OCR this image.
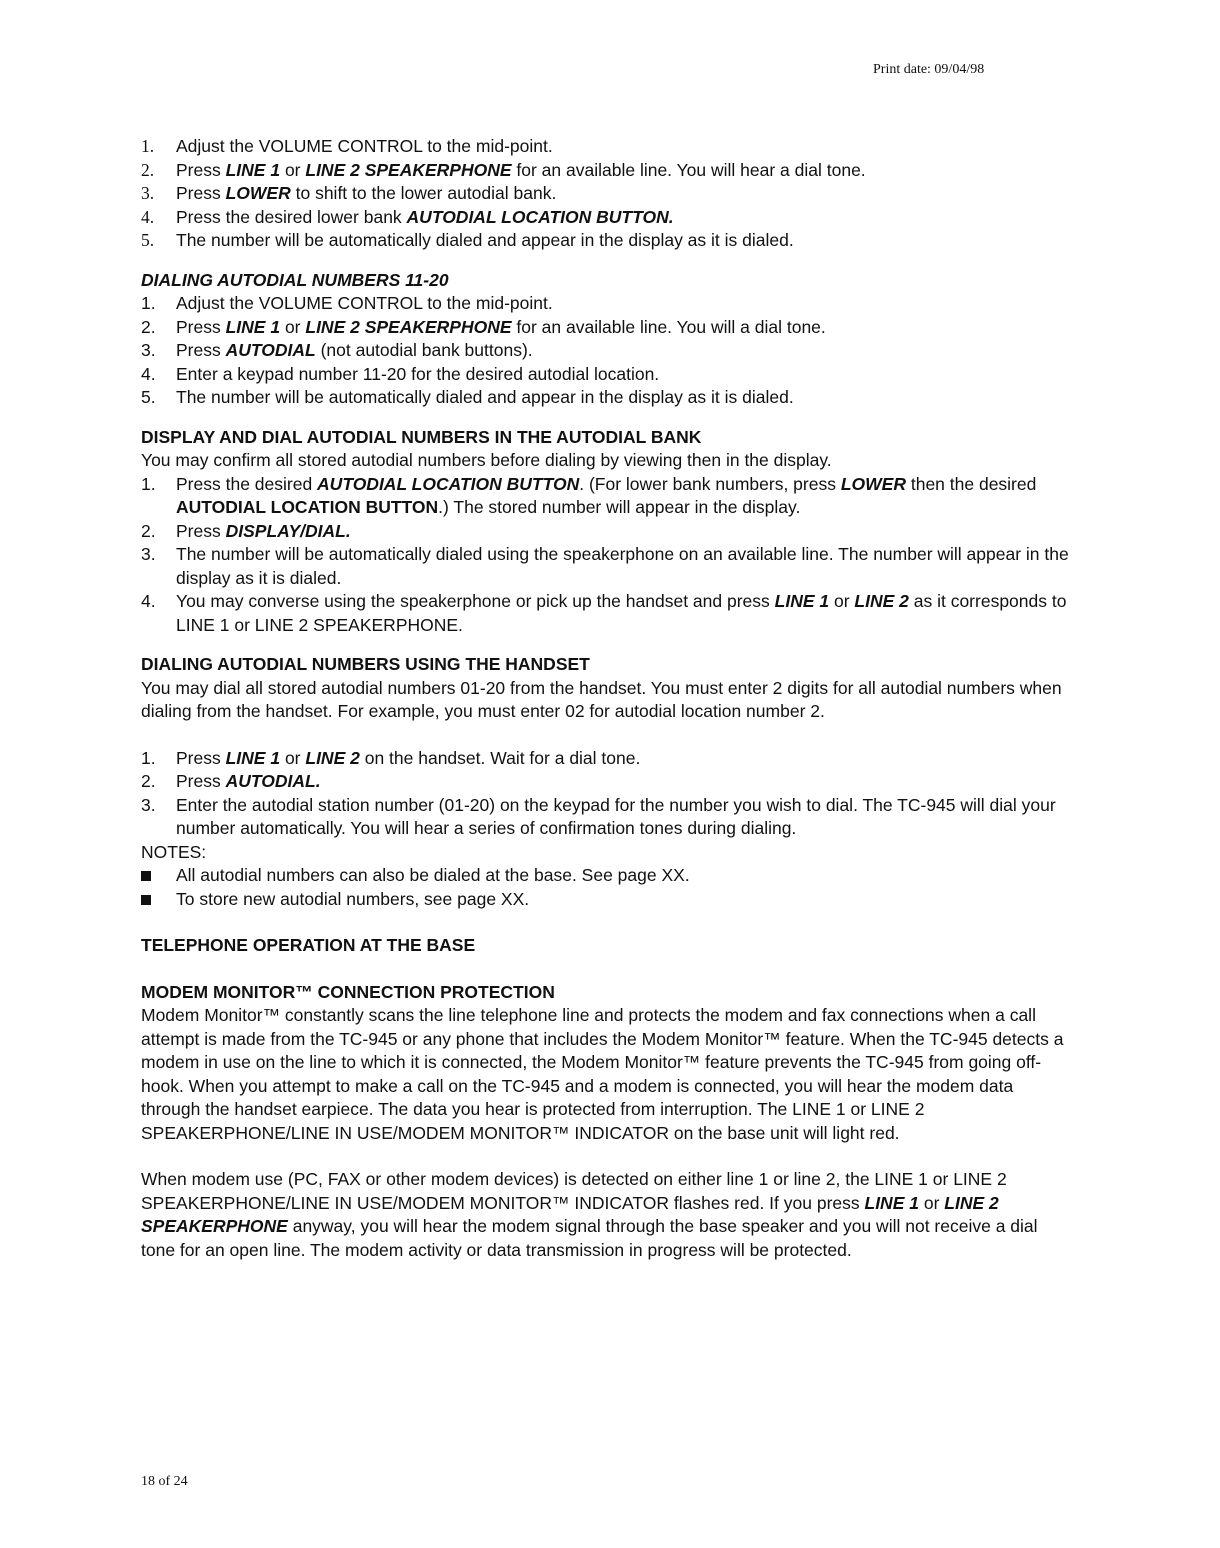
Print date: 09/04/98
1. Adjust the VOLUME CONTROL to the mid-point.
2. Press LINE 1 or LINE 2 SPEAKERPHONE for an available line. You will hear a dial tone.
3. Press LOWER to shift to the lower autodial bank.
4. Press the desired lower bank AUTODIAL LOCATION BUTTON.
5. The number will be automatically dialed and appear in the display as it is dialed.

DIALING AUTODIAL NUMBERS 11-20

1. Adjust the VOLUME CONTROL to the mid-point.
2. Press LINE 1 or LINE 2 SPEAKERPHONE for an available line. You will a dial tone.
3. Press AUTODIAL (not autodial bank buttons).
4. Enter a keypad number 11-20 for the desired autodial location.
5. The number will be automatically dialed and appear in the display as it is dialed.

DISPLAY AND DIAL AUTODIAL NUMBERS IN THE AUTODIAL BANK

You may confirm all stored autodial numbers before dialing by viewing then in the display.

1. Press the desired AUTODIAL LOCATION BUTTON. (For lower bank numbers, press LOWER then the desired AUTODIAL LOCATION BUTTON.) The stored number will appear in the display.
2. Press DISPLAY/DIAL.
3. The number will be automatically dialed using the speakerphone on an available line. The number will appear in the display as it is dialed.
4. You may converse using the speakerphone or pick up the handset and press LINE 1 or LINE 2 as it corresponds to LINE 1 or LINE 2 SPEAKERPHONE.

DIALING AUTODIAL NUMBERS USING THE HANDSET

You may dial all stored autodial numbers 01-20 from the handset. You must enter 2 digits for all autodial numbers when dialing from the handset. For example, you must enter 02 for autodial location number 2.

1. Press LINE 1 or LINE 2 on the handset. Wait for a dial tone.
2. Press AUTODIAL.
3. Enter the autodial station number (01-20) on the keypad for the number you wish to dial. The TC-945 will dial your number automatically. You will hear a series of confirmation tones during dialing.

NOTES:

All autodial numbers can also be dialed at the base. See page XX.
To store new autodial numbers, see page XX.

TELEPHONE OPERATION AT THE BASE

MODEM MONITOR™ CONNECTION PROTECTION

Modem Monitor™ constantly scans the line telephone line and protects the modem and fax connections when a call attempt is made from the TC-945 or any phone that includes the Modem Monitor™ feature. When the TC-945 detects a modem in use on the line to which it is connected, the Modem Monitor™ feature prevents the TC-945 from going off-hook. When you attempt to make a call on the TC-945 and a modem is connected, you will hear the modem data through the handset earpiece. The data you hear is protected from interruption. The LINE 1 or LINE 2 SPEAKERPHONE/LINE IN USE/MODEM MONITOR™ INDICATOR on the base unit will light red.

When modem use (PC, FAX or other modem devices) is detected on either line 1 or line 2, the LINE 1 or LINE 2 SPEAKERPHONE/LINE IN USE/MODEM MONITOR™ INDICATOR flashes red. If you press LINE 1 or LINE 2 SPEAKERPHONE anyway, you will hear the modem signal through the base speaker and you will not receive a dial tone for an open line. The modem activity or data transmission in progress will be protected.

18 of 24
